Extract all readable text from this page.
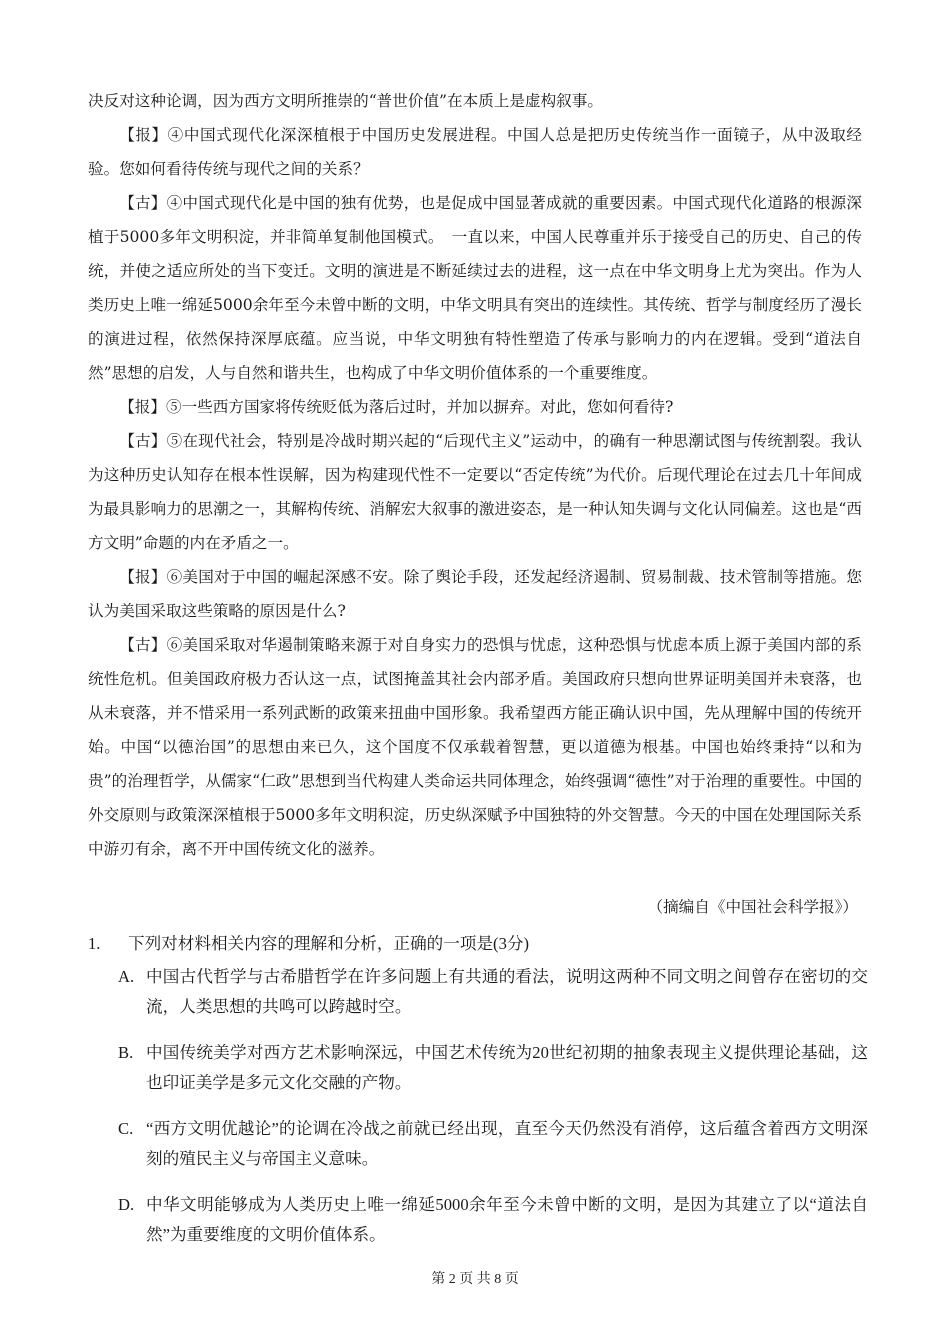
决反对这种论调，因为西方文明所推崇的“普世价值”在本质上是虚构叙事。

【报】④中国式现代化深深植根于中国历史发展进程。中国人总是把历史传统当作一面镜子，从中汲取经验。您如何看待传统与现代之间的关系？

【古】④中国式现代化是中国的独有优势，也是促成中国显著成就的重要因素。中国式现代化道路的根源深植于5000多年文明积淀，并非简单复制他国模式。　一直以来，中国人民尊重并乐于接受自己的历史、自己的传统，并使之适应所处的当下变迁。文明的演进是不断延续过去的进程，这一点在中华文明身上尤为突出。作为人类历史上唯一绵延5000余年至今未曾中断的文明，中华文明具有突出的连续性。其传统、哲学与制度经历了漫长的演进过程，依然保持深厚底蕴。应当说，中华文明独有特性塑造了传承与影响力的内在逻辑。受到“道法自然”思想的启发，人与自然和谐共生，也构成了中华文明价值体系的一个重要维度。

【报】⑤一些西方国家将传统贬低为落后过时，并加以摒弃。对此，您如何看待?

【古】⑤在现代社会，特别是冷战时期兴起的“后现代主义”运动中，的确有一种思潮试图与传统割裂。我认为这种历史认知存在根本性误解，因为构建现代性不一定要以“否定传统”为代价。后现代理论在过去几十年间成为最具影响力的思潮之一，其解构传统、消解宏大叙事的激进姿态，是一种认知失调与文化认同偏差。这也是“西方文明”命题的内在矛盾之一。

【报】⑥美国对于中国的崛起深感不安。除了舆论手段，还发起经济遏制、贸易制裁、技术管制等措施。您认为美国采取这些策略的原因是什么?

【古】⑥美国采取对华遏制策略来源于对自身实力的恐惧与忧虑，这种恐惧与忧虑本质上源于美国内部的系统性危机。但美国政府极力否认这一点，试图掩盖其社会内部矛盾。美国政府只想向世界证明美国并未衰落，也从未衰落，并不惜采用一系列武断的政策来扭曲中国形象。我希望西方能正确认识中国，先从理解中国的传统开始。中国“以德治国”的思想由来已久，这个国度不仅承载着智慧，更以道德为根基。中国也始终秉持“以和为贵”的治理哲学，从儒家“仁政”思想到当代构建人类命运共同体理念，始终强调“德性”对于治理的重要性。中国的外交原则与政策深深植根于5000多年文明积淀，历史纵深赋予中国独特的外交智慧。今天的中国在处理国际关系中游刃有余，离不开中国传统文化的滋养。

（摘编自《中国社会科学报》）

1. 下列对材料相关内容的理解和分析，正确的一项是(3分)

A. 中国古代哲学与古希腊哲学在许多问题上有共通的看法，说明这两种不同文明之间曾存在密切的交流，人类思想的共鸣可以跨越时空。
B. 中国传统美学对西方艺术影响深远，中国艺术传统为20世纪初期的抽象表现主义提供理论基础，这也印证美学是多元文化交融的产物。
C. “西方文明优越论”的论调在冷战之前就已经出现，直至今天仍然没有消停，这后蕴含着西方文明深刻的殖民主义与帝国主义意味。
D. 中华文明能够成为人类历史上唯一绵延5000余年至今未曾中断的文明，是因为其建立了以“道法自然”为重要维度的文明价值体系。
第 2 页 共 8 页
